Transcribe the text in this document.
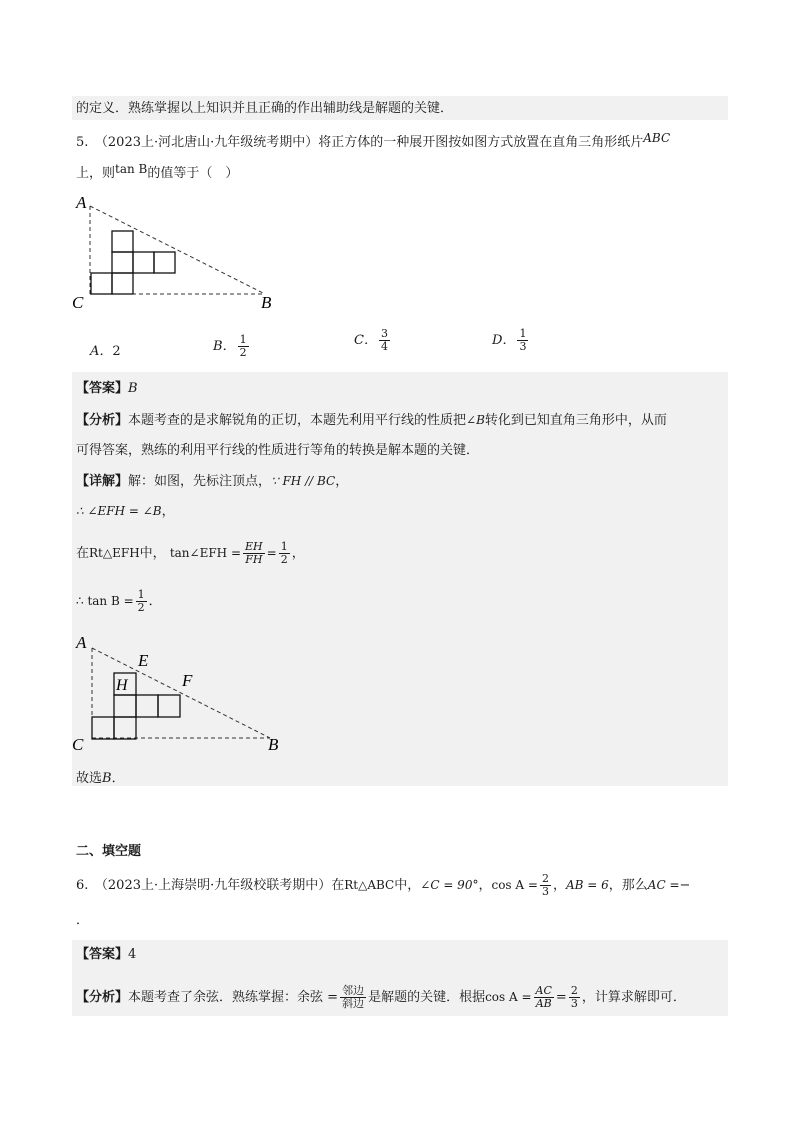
的定义．熟练掌握以上知识并且正确的作出辅助线是解题的关键．
5.　（2023上·河北唐山·九年级统考期中）将正方体的一种展开图按如图方式放置在直角三角形纸片ABC
上，则tan B的值等于（　）
A
C	B
A．2	B． $\frac{1}{2}$	C． $\frac{3}{4}$	D． $\frac{1}{3}$
【答案】B
【分析】本题考查的是求解锐角的正切，本题先利用平行线的性质把∠B转化到已知直角三角形中，从而
可得答案，熟练的利用平行线的性质进行等角的转换是解本题的关键．
【详解】解：如图，先标注顶点，∵ FH // BC，
∴ ∠EFH = ∠B，
在Rt△EFH中， tan∠EFH = $\frac{EH}{FH} = \frac{1}{2}$ ，
∴ $\tan B = \frac{1}{2}$ ．
A
E
H	F
C	B
故选B．
二、填空题
6.　（2023上·上海崇明·九年级校联考期中）在Rt△ABC中，∠C = 90°，$\cos A = \frac{2}{3}$ ，AB = 6，那么AC =−
．
【答案】4
【分析】本题考查了余弦．熟练掌握：余弦 = $\frac{\text{邻边}}{\text{斜边}}$ 是解题的关键．根据$\cos A = \frac{AC}{AB} = \frac{2}{3}$ ，计算求解即可．
